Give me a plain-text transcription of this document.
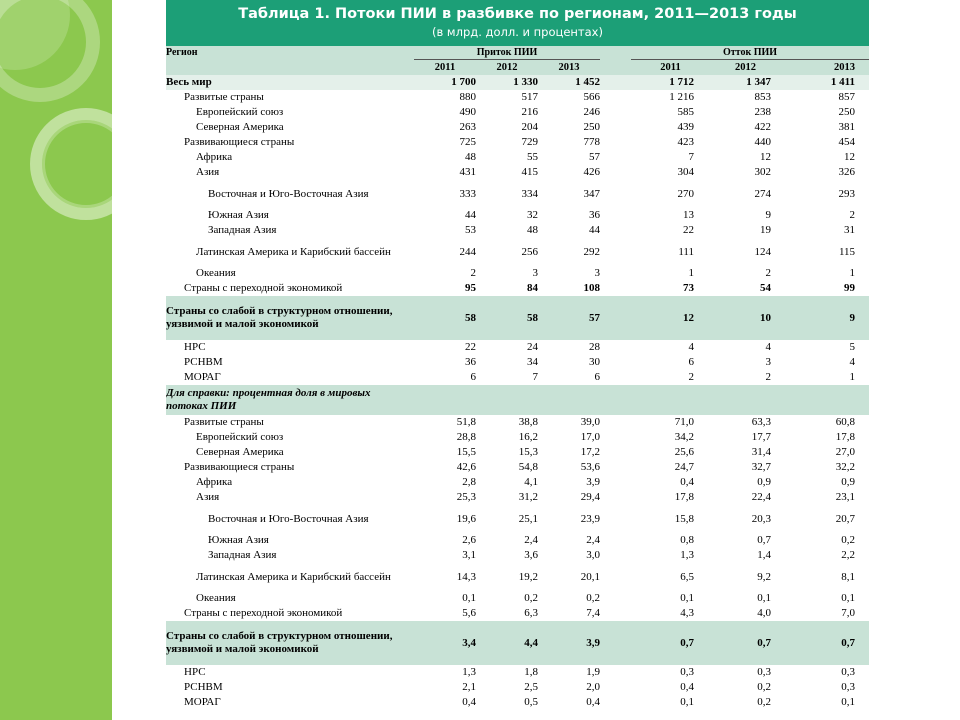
Таблица 1. Потоки ПИИ в разбивке по регионам, 2011—2013 годы
(в млрд. долл. и процентах)
Регион	Приток ПИИ				Отток ПИИ		
	2011	2012	2013		2011	2012	2013
Весь мир	1 700	1 330	1 452		1 712	1 347	1 411
Развитые страны	880	517	566		1 216	853	857
Европейский союз	490	216	246		585	238	250
Северная Америка	263	204	250		439	422	381
Развивающиеся страны	725	729	778		423	440	454
Африка	48	55	57		7	12	12
Азия	431	415	426		304	302	326
Восточная и Юго-Восточная Азия	333	334	347		270	274	293
Южная Азия	44	32	36		13	9	2
Западная Азия	53	48	44		22	19	31
Латинская Америка и Карибский бассейн	244	256	292		111	124	115
Океания	2	3	3		1	2	1
Страны с переходной экономикой	95	84	108		73	54	99
Страны со слабой в структурном отношении, уязвимой и малой экономикой	58	58	57		12	10	9
НРС	22	24	28		4	4	5
РСНВМ	36	34	30		6	3	4
МОРАГ	6	7	6		2	2	1
Для справки: процентная доля в мировых потоках ПИИ							
Развитые страны	51,8	38,8	39,0		71,0	63,3	60,8
Европейский союз	28,8	16,2	17,0		34,2	17,7	17,8
Северная Америка	15,5	15,3	17,2		25,6	31,4	27,0
Развивающиеся страны	42,6	54,8	53,6		24,7	32,7	32,2
Африка	2,8	4,1	3,9		0,4	0,9	0,9
Азия	25,3	31,2	29,4		17,8	22,4	23,1
Восточная и Юго-Восточная Азия	19,6	25,1	23,9		15,8	20,3	20,7
Южная Азия	2,6	2,4	2,4		0,8	0,7	0,2
Западная Азия	3,1	3,6	3,0		1,3	1,4	2,2
Латинская Америка и Карибский бассейн	14,3	19,2	20,1		6,5	9,2	8,1
Океания	0,1	0,2	0,2		0,1	0,1	0,1
Страны с переходной экономикой	5,6	6,3	7,4		4,3	4,0	7,0
Страны со слабой в структурном отношении, уязвимой и малой экономикой	3,4	4,4	3,9		0,7	0,7	0,7
НРС	1,3	1,8	1,9		0,3	0,3	0,3
РСНВМ	2,1	2,5	2,0		0,4	0,2	0,3
МОРАГ	0,4	0,5	0,4		0,1	0,2	0,1
